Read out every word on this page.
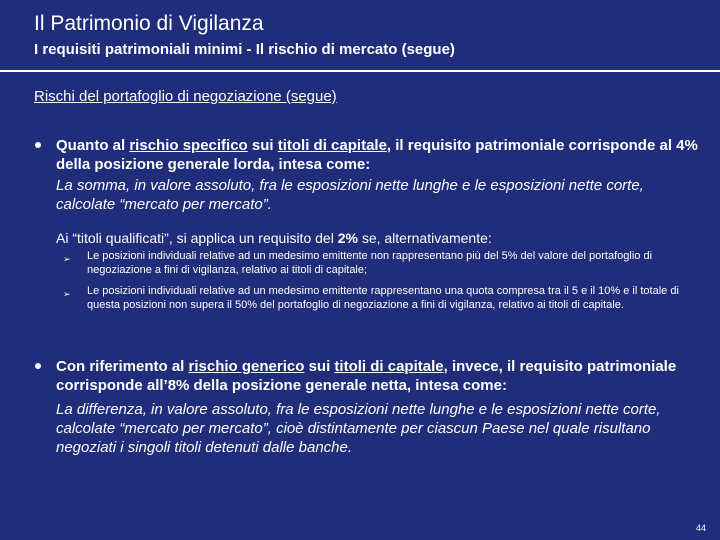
Il Patrimonio di Vigilanza
I requisiti patrimoniali minimi - Il rischio di mercato (segue)
Rischi del portafoglio di negoziazione (segue)
Quanto al rischio specifico sui titoli di capitale, il requisito patrimoniale corrisponde al 4% della posizione generale lorda, intesa come:
La somma, in valore assoluto, fra le esposizioni nette lunghe e le esposizioni nette corte, calcolate “mercato per mercato”.
Ai “titoli qualificati”, si applica un requisito del 2% se, alternativamente:
➢ Le posizioni individuali relative ad un medesimo emittente non rappresentano più del 5% del valore del portafoglio di negoziazione a fini di vigilanza, relativo ai titoli di capitale;
➢ Le posizioni individuali relative ad un medesimo emittente rappresentano una quota compresa tra il 5 e il 10% e il totale di questa posizioni non supera il 50% del portafoglio di negoziazione a fini di vigilanza, relativo ai titoli di capitale.
Con riferimento al rischio generico sui titoli di capitale, invece, il requisito patrimoniale corrisponde all’8% della posizione generale netta, intesa come:
La differenza, in valore assoluto, fra le esposizioni nette lunghe e le esposizioni nette corte, calcolate “mercato per mercato”, cioè distintamente per ciascun Paese nel quale risultano negoziati i singoli titoli detenuti dalle banche.
44
